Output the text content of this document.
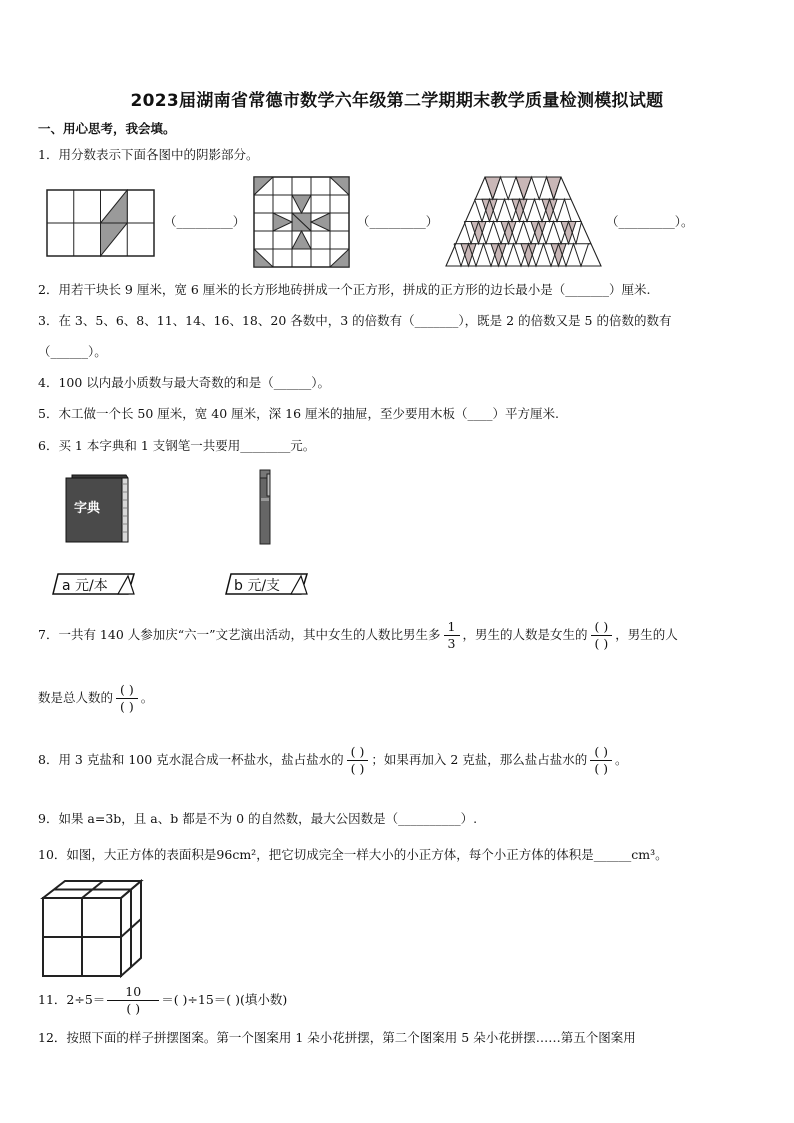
2023届湖南省常德市数学六年级第二学期期末教学质量检测模拟试题
一、用心思考，我会填。
1．用分数表示下面各图中的阴影部分。
（_________）	（_________）	（_________）。
2．用若干块长 9 厘米，宽 6 厘米的长方形地砖拼成一个正方形，拼成的正方形的边长最小是（_______）厘米.
3．在 3、5、6、8、11、14、16、18、20 各数中，3 的倍数有（_______），既是 2 的倍数又是 5 的倍数的数有
（______）。
4．100 以内最小质数与最大奇数的和是（______）。
5．木工做一个长 50 厘米，宽 40 厘米，深 16 厘米的抽屉，至少要用木板（____）平方厘米.
6．买 1 本字典和 1 支钢笔一共要用________元。
字典
a 元/本	b 元/支
7．一共有 140 人参加庆“六一”文艺演出活动，其中女生的人数比男生多 $\frac{1}{3}$ ，男生的人数是女生的 $\frac{( )}{( )}$ ，男生的人
数是总人数的 $\frac{( )}{( )}$ 。
8．用 3 克盐和 100 克水混合成一杯盐水，盐占盐水的 $\frac{( )}{( )}$ ；如果再加入 2 克盐，那么盐占盐水的 $\frac{( )}{( )}$ 。
9．如果 a=3b，且 a、b 都是不为 0 的自然数，最大公因数是（__________）.
10．如图，大正方体的表面积是96cm²，把它切成完全一样大小的小正方体，每个小正方体的体积是______cm³。
11．$2\div 5= \frac{10}{( )}$ ＝( )÷15＝( )(填小数)
12．按照下面的样子拼摆图案。第一个图案用 1 朵小花拼摆，第二个图案用 5 朵小花拼摆……第五个图案用
